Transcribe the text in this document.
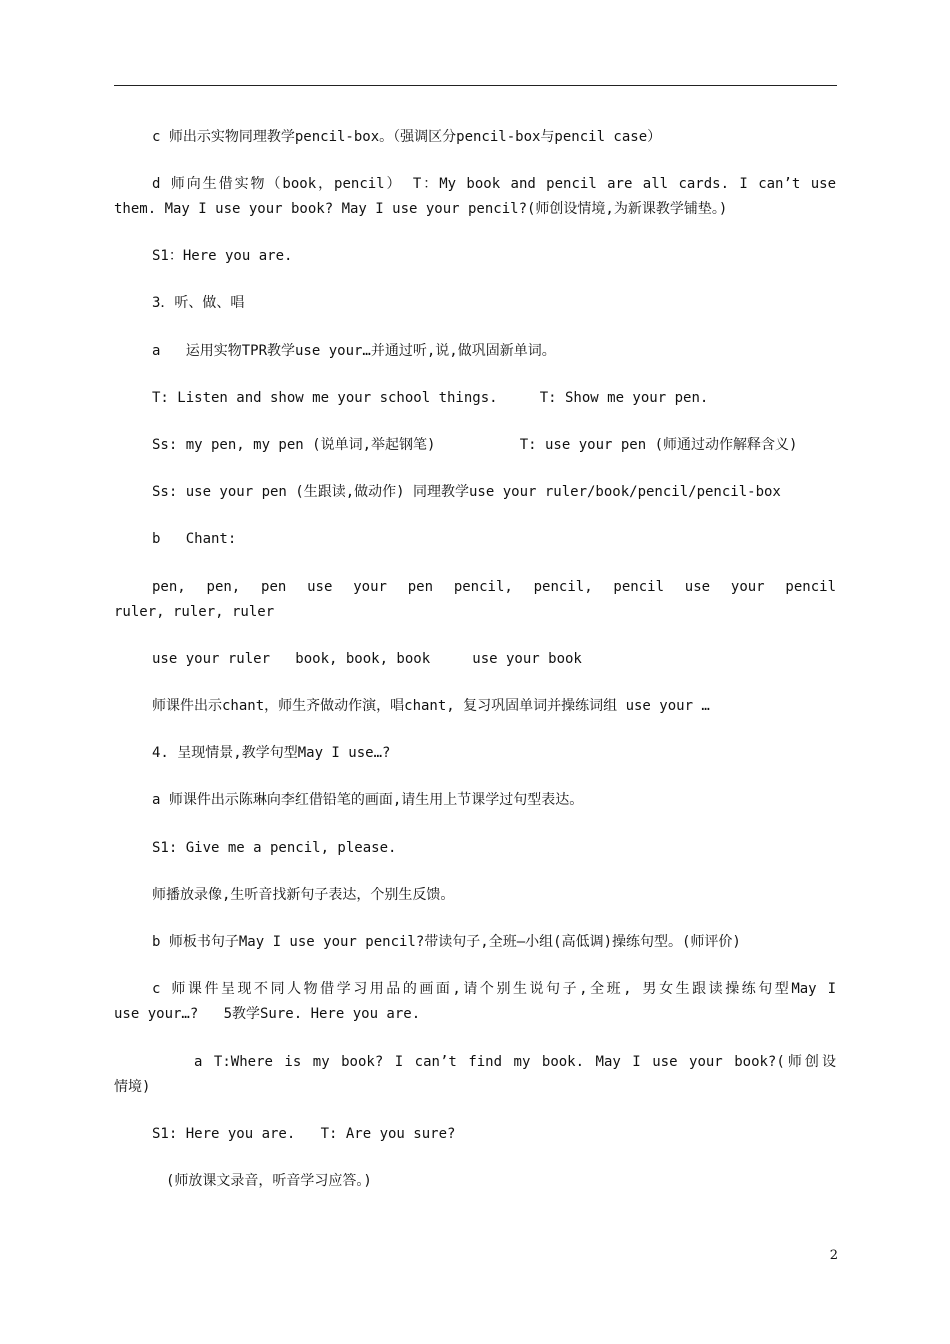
c 师出示实物同理教学pencil-box。（强调区分pencil-box与pencil case）
d 师向生借实物（book，pencil） T：My book and pencil are all cards. I can’t use
them. May I use your book? May I use your pencil?(师创设情境,为新课教学铺垫。)
S1：Here you are.
3．听、做、唱
a   运用实物TPR教学use your…并通过听,说,做巩固新单词。
T: Listen and show me your school things.     T: Show me your pen.
Ss: my pen, my pen (说单词,举起钢笔)          T: use your pen (师通过动作解释含义)
Ss: use your pen (生跟读,做动作) 同理教学use your ruler/book/pencil/pencil-box
b   Chant:
pen, pen, pen use your pen pencil, pencil, pencil use your pencil
ruler, ruler, ruler
use your ruler   book, book, book     use your book
师课件出示chant，师生齐做动作演，唱chant, 复习巩固单词并操练词组 use your …
4. 呈现情景,教学句型May I use…?
a 师课件出示陈琳向李红借铅笔的画面,请生用上节课学过句型表达。
S1: Give me a pencil, please.
师播放录像,生听音找新句子表达，个别生反馈。
b 师板书句子May I use your pencil?带读句子,全班—小组(高低调)操练句型。(师评价)
c 师课件呈现不同人物借学习用品的画面,请个别生说句子,全班, 男女生跟读操练句型May I
use your…?   5教学Sure. Here you are.
a T:Where is my book? I can’t find my book. May I use your book?(师创设
情境)
S1: Here you are.   T: Are you sure?
(师放课文录音，听音学习应答。)
2
